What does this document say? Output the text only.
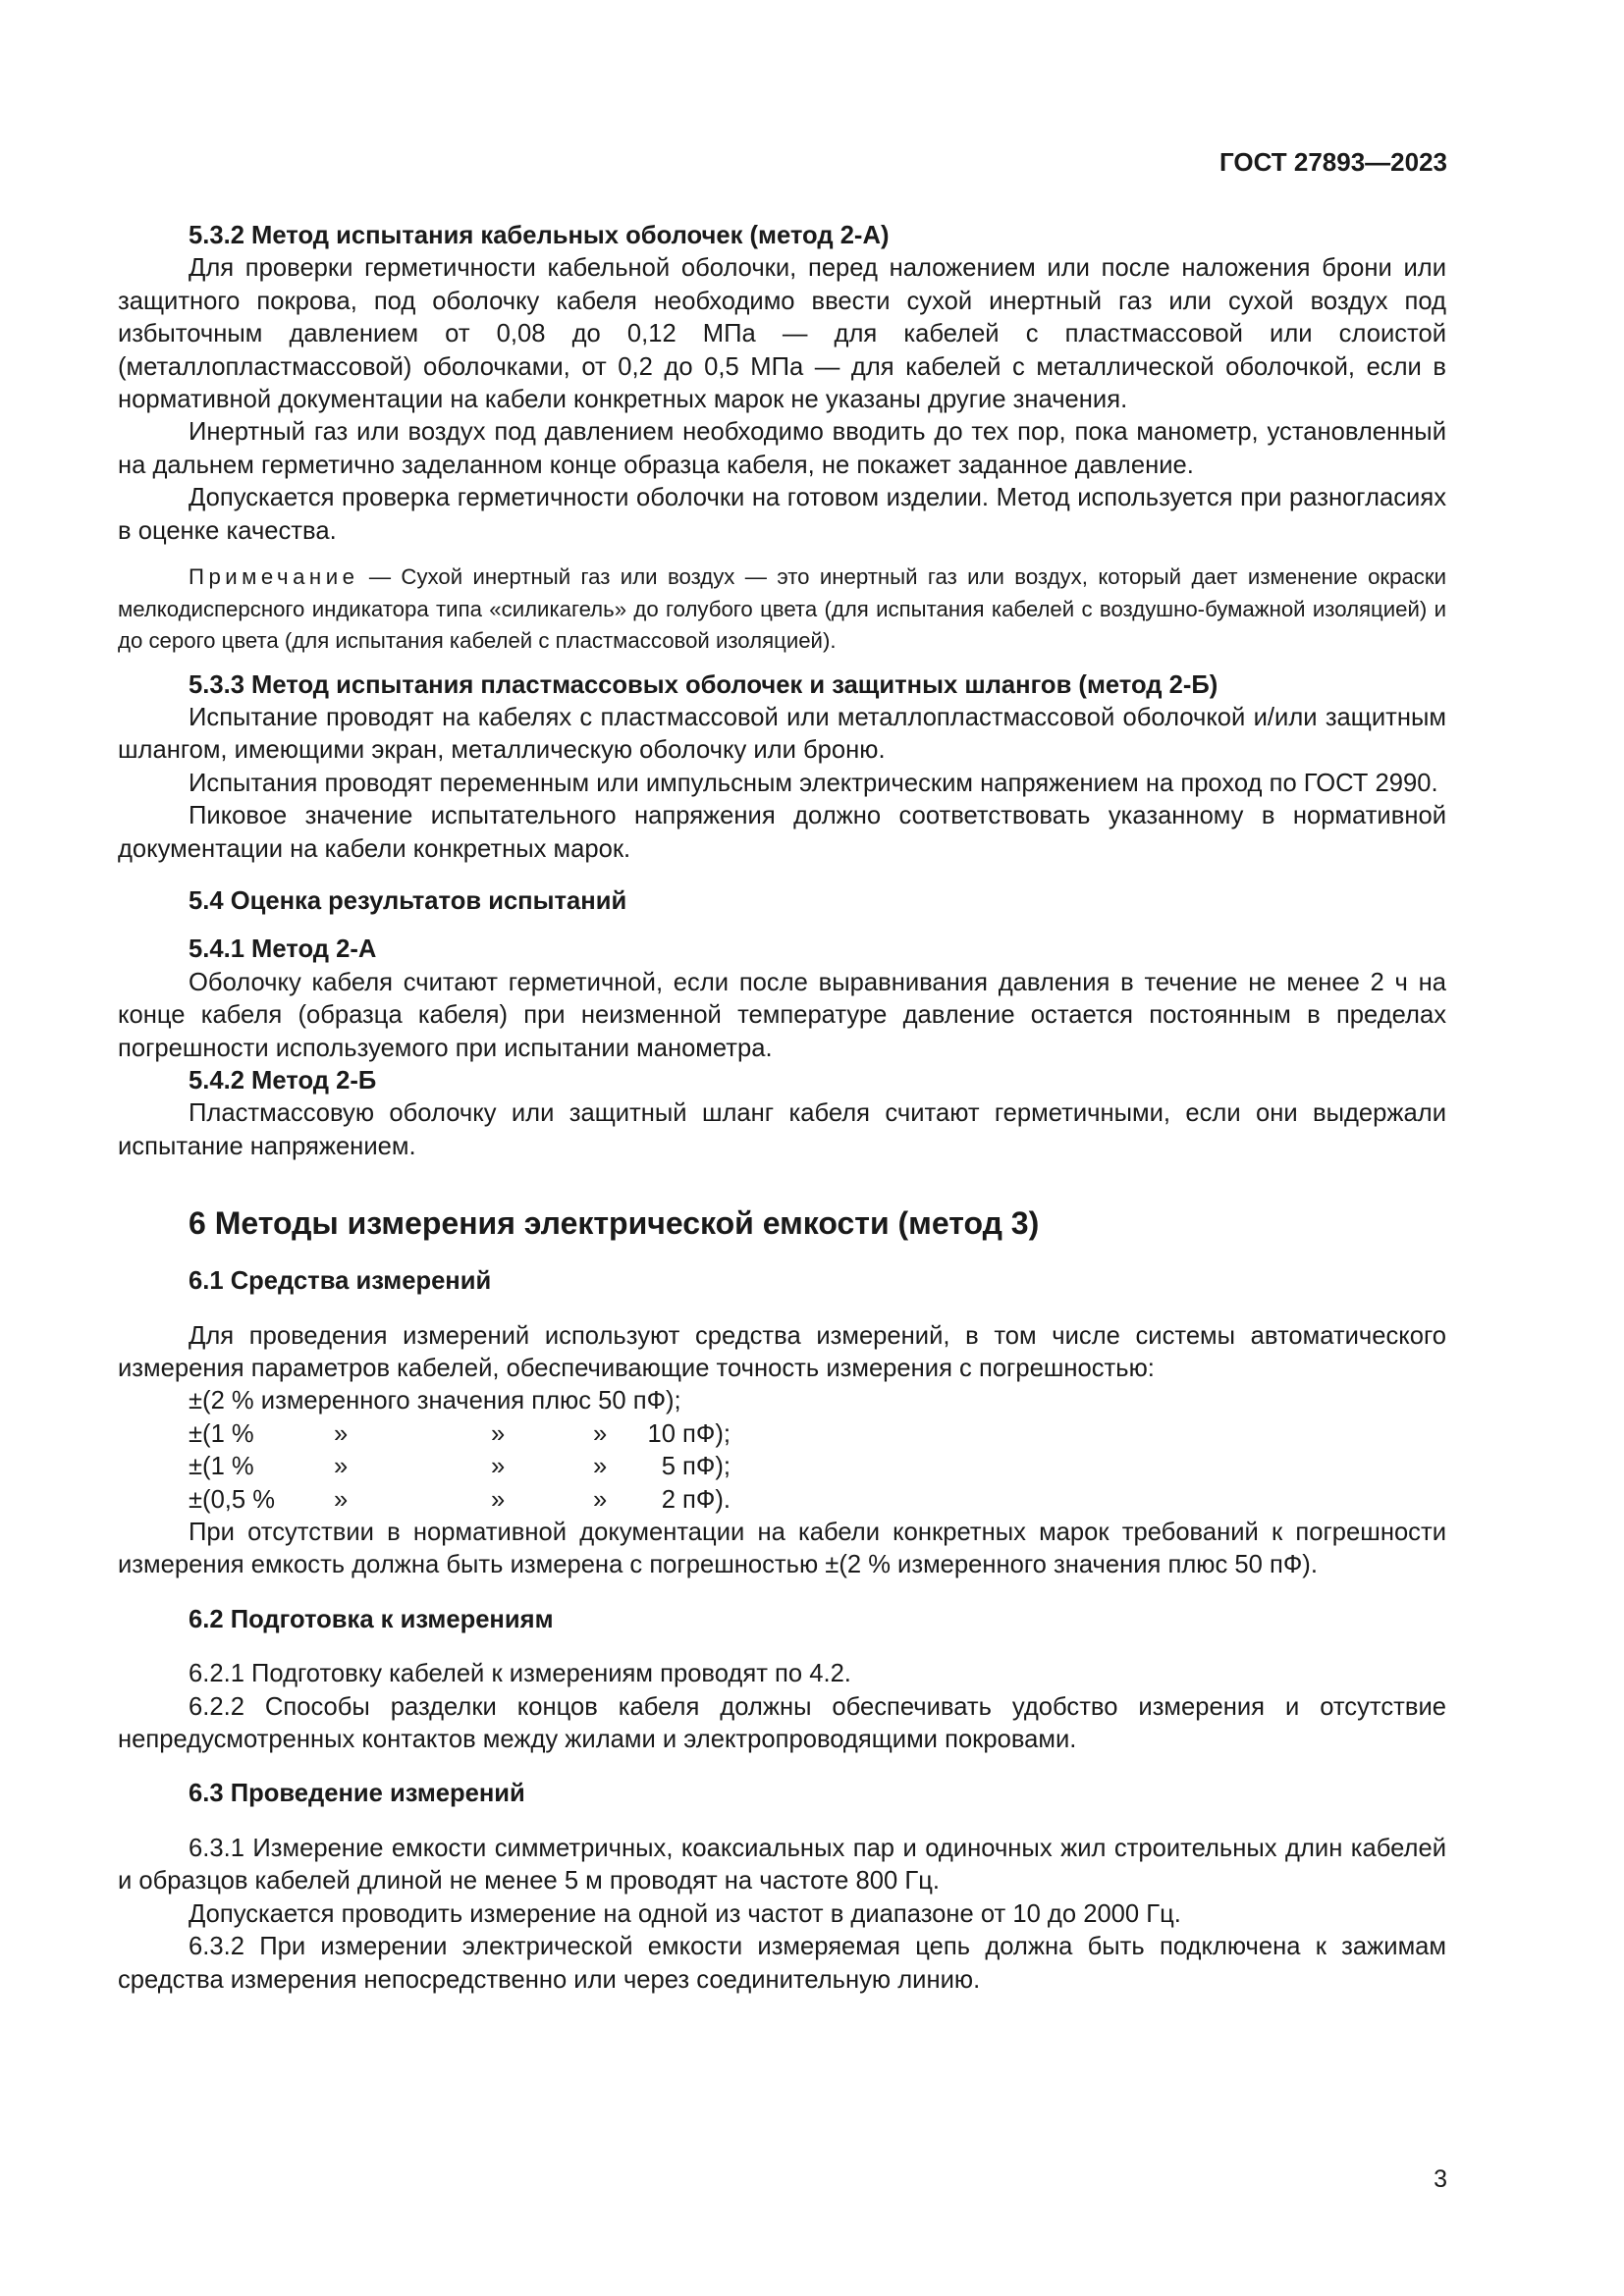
ГОСТ 27893—2023

5.3.2 Метод испытания кабельных оболочек (метод 2-А)

Для проверки герметичности кабельной оболочки, перед наложением или после наложения брони или защитного покрова, под оболочку кабеля необходимо ввести сухой инертный газ или сухой воздух под избыточным давлением от 0,08 до 0,12 МПа — для кабелей с пластмассовой или слоистой (металлопластмассовой) оболочками, от 0,2 до 0,5 МПа — для кабелей с металлической оболочкой, если в нормативной документации на кабели конкретных марок не указаны другие значения.

Инертный газ или воздух под давлением необходимо вводить до тех пор, пока манометр, установленный на дальнем герметично заделанном конце образца кабеля, не покажет заданное давление.

Допускается проверка герметичности оболочки на готовом изделии. Метод используется при разногласиях в оценке качества.

Примечание — Сухой инертный газ или воздух — это инертный газ или воздух, который дает изменение окраски мелкодисперсного индикатора типа «силикагель» до голубого цвета (для испытания кабелей с воздушно-бумажной изоляцией) и до серого цвета (для испытания кабелей с пластмассовой изоляцией).

5.3.3 Метод испытания пластмассовых оболочек и защитных шлангов (метод 2-Б)

Испытание проводят на кабелях с пластмассовой или металлопластмассовой оболочкой и/или защитным шлангом, имеющими экран, металлическую оболочку или броню.

Испытания проводят переменным или импульсным электрическим напряжением на проход по ГОСТ 2990.

Пиковое значение испытательного напряжения должно соответствовать указанному в нормативной документации на кабели конкретных марок.

5.4 Оценка результатов испытаний

5.4.1 Метод 2-А

Оболочку кабеля считают герметичной, если после выравнивания давления в течение не менее 2 ч на конце кабеля (образца кабеля) при неизменной температуре давление остается постоянным в пределах погрешности используемого при испытании манометра.

5.4.2 Метод 2-Б

Пластмассовую оболочку или защитный шланг кабеля считают герметичными, если они выдержали испытание напряжением.

6 Методы измерения электрической емкости (метод 3)

6.1 Средства измерений

Для проведения измерений используют средства измерений, в том числе системы автоматического измерения параметров кабелей, обеспечивающие точность измерения с погрешностью:

±(2 % измеренного значения плюс 50 пФ);
±(1 %	»	»	»	10 пФ);
±(1 %	»	»	»	5 пФ);
±(0,5 % »	»	»	2 пФ).

При отсутствии в нормативной документации на кабели конкретных марок требований к погрешности измерения емкость должна быть измерена с погрешностью ±(2 % измеренного значения плюс 50 пФ).

6.2 Подготовка к измерениям

6.2.1 Подготовку кабелей к измерениям проводят по 4.2.

6.2.2 Способы разделки концов кабеля должны обеспечивать удобство измерения и отсутствие непредусмотренных контактов между жилами и электропроводящими покровами.

6.3 Проведение измерений

6.3.1 Измерение емкости симметричных, коаксиальных пар и одиночных жил строительных длин кабелей и образцов кабелей длиной не менее 5 м проводят на частоте 800 Гц.

Допускается проводить измерение на одной из частот в диапазоне от 10 до 2000 Гц.

6.3.2 При измерении электрической емкости измеряемая цепь должна быть подключена к зажимам средства измерения непосредственно или через соединительную линию.

3
